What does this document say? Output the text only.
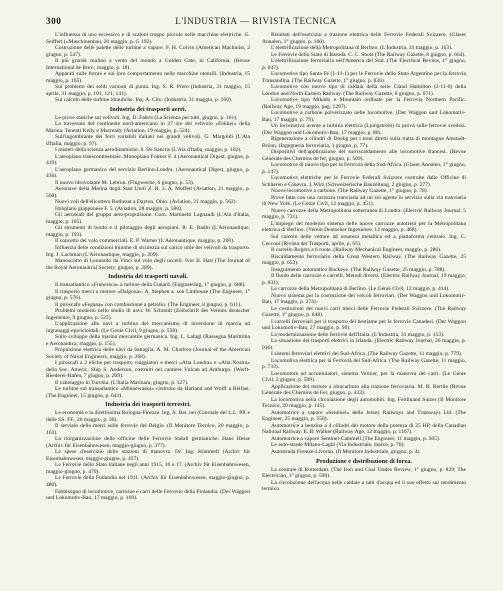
300	L'INDUSTRIA — RIVISTA TECNICA

L'influenza di uno eccessivo e di scaloni troppo piccole nelle macchine elettriche. G. Seiffert («Maschinenbau, 20 maggio, p. G 192).

Costruzione delle palette delle turbine a vapore. F. H. Colvin (American Machinist, 2 giugno, p. 547).

Il più grande mulino a vento del mondo a Golden Gate, in California. (Revue International de Brev., maggio, p. 18).

Apparati sulle forme e sul loro comportamento nelle macchine utensili. (Industria, 15 maggio, p. 165).

Sui problemi dei soldi variouti di punta. Ing. S. R. Preto (Industria, 31 maggio, 15 aprile, 31 maggio, p. 101, 121, 141).

Sul calcolo delle turbine idrauliche. Ing. A. Citu. (Industria, 31 maggio, p. 160).

Industria dei trasporti aerei.

Le prove statiche sui velivoli. Ing. D. Fabris (La Scienza per tutti, giugno, p. 161).

La traversata del continente nord-americano in 27 ore dei velivolo «Fokker» della Marina. Tenenti Kelly e Macready (Aviation, 19 maggio, p. 524).

Sull'ingombrante dei ferri variabili italiani nei grandi velivoli. G. Margoldi (L'Ala d'Italia, maggio, p. 97).

I misteri della scienza aerodinamiche. S. De Sanctis (L'Ala d'Italia, maggio, p. 102).

L'aeroplano transcontinentale. Monoplano Fokker F. 4 (Aeronautical Digest, giugno, p. 419).

L'aeroplano germanico del servizio Berlino-Londra. (Aeronautical Digest, giugno, p. 436).

Il nuovo idrovolante M. Lebrun. (Flugwoche, 6 giugno, p. 53).

Aeronave della Marina degli Stati Uniti Z. R. 3. A. Moffett (Aviation, 21 maggio, p. 568).

Nuovi voli dell'elicottero Bothezat a Dayton, Ohio. (Aviation, 21 maggio, p. 562).

Idroplano giapponese F. 5. (Aviation, 28 maggio, p. 580).

Gli aeroscafi del gruppo aero-propulsione. Com. Martinetti Lagnaudi (L'Ala d'Italia, maggio, p. 105).

Gli strumenti di bordo e il pilotaggio degli aeroplani. R. E. Radin (L'Aéronautique, maggio, p. 193).

Il concetto del volo commerciali. E. P. Warner (L'Aéronautique, maggio, p. 200).

Influenza delle condizioni minime di sicurezza sul carico utile dei velivoli da trasporto. Ing. J. Lachman (L'Aéronautique, maggio, p. 209).

Manoscritto di Leonardo da Vinci sul volo degli uccelli. Ivor B. Hart (The Journal of the Royal Aeronautical Society, giugno, p. 289).

Industria dei trasporti navali.

Il transatlantico «Francesca» a turbine della Cunard. (Engineering, 1° giugno, p. 688).

Il trasporto merci a motore «Dalgona». A. Stephen a. son Linthouse (The Engineer, 1° giugno, p. 576).

Il piroscafo «Fegana» con combustione a petrolio. (The Engineer, 8 giugno, p. 611).

Problemi moderni nello studio di navi. W. Schmidt (Zeitschrift des Vereins deutscher Ingenieure, 9 giugno, p. 525).

L'applicazione alle navi a turbina del meccanismo di inversione di marcia ad ingranaggi epicicloidali. (Le Genie Civil, 9 giugno, p. 558).

Sullo sviluppo della marina mercantile germanica. Ing. L. Lafagi (Rassegna Marittima e Aeronautica, maggio, p. 155).

Propulsione elettrica delle navi da battaglia. A. M. Charlton (Journal of the American Society of Naval Engineers, maggio, p. 268).

I piroscafi a 2 eliche per trasporto viaggiatori e merci «Alta Londra» e «Alta Nostra» della Soc. Americ. Ship S. Anderson, costruiti nel cantiere Vulcan ad Amburgo. (Werft-Reederei-Hafen, 7 giugno, p. 209).

Il cabotaggio in Turchia. (L'Italia Marinara, giugno, p. 127).

Le turbine sul transatlantico «Minnewaska» costruito da Harland and Wolff a Belfast. (The Engineer, 15 giugno, p. 641).

Industria dei trasporti terrestri.

Le economie e la direttissima Bologna-Firenze. Ing. A. Bei. nei (Giornale del L.L. PP. e delle SS. FF., 20 maggio, p. 30).

Il servizio delle merci sulle ferrovie del Belgio. (Il Monitore Tecnico, 20 maggio, p. 163).

La riorganizzazione delle officine delle Ferrovie Statali germaniche. Hans Hesse (Archiv für Eisenbahnwesen, maggio-giugno, p. 377).

Le spese d'esercizio delle stazioni di manovra. Dr. Ing. Kümmell (Archiv für Eisenbahnwesen, maggio-giugno, p. 457).

Le Ferrovie dello Stato italiane negli anni 1915, 16 e 17. (Archiv für Eisenbahnwesen, maggio-giugno, p. 470).

Le Ferrovie della Finlandia nel 1911. (Archiv für Eisenbahnwesen, maggio-giugno, p. 480).

Fabbisogno di locomotive, carrozze e carri delle Ferrovie della Finlandia. (Der Waggon und Lokomotiv-Bau, 17 maggio, p. 169).

Risultati dell'esercizio a trazione elettrica delle Ferrovie Federali Svizzere. (Glaser Annalen, 1° giugno, p. 160).

L'elettrificazione della Metropolitana di Berlino. (L'Industria, 31 maggio, p. 163).

Le Ferrovie dello Stato di Baroda. C. C. Shots (The Railway Gazette, 8 giugno, p. 664).

L'elettrificazione ferroviaria nell'America del Sud. (The Electrical Review, 1° giugno, p. 847).

Locomotive tipo Santa Fé (1-11-1) per le Ferrovie dello Stato Argentino per la ferrovia Transandina. (The Railway Gazette, 1° giugno, p. 836).

Locomotive con nuovo tipo di caldaia della serie Claud Hamilton (2-11-0) della London and North Eastern Railway. (The Railway Gazette, 8 giugno, p. 671).

Locomotive tipo Mikado e Mountain ordinate per la Ferrovia Northern Pacific. (Railway Age, 19 maggio, pag. 1207).

Locomotive a carbone polverizzato nelle locomotive. (Der Waggon und Lokomotiv-Bau, 17 maggio, p. 79).

Un locomotiva avente a turbina elettrica (Ljungström) in prova sulle ferrovie svedesi. (Der Waggon und Lokomotiv-Bau, 17 maggio, p. 80).

Rigenerazione a cilindri di Doebg per i treni diretti sulla tratta di montagna Amstadt-Brünn. (Ingegneria ferroviaria, 1 giugno, p. 77).

Dispositivi dell'applicazione del surriscaldamento alle locomotive francesi. (Revue Générale des Chemins de fer, giugno, p. 509).

Locomotive di nuovo tipo per la Ferrovia della Sud-Africa. (Glaser Annalen, 1° giugno, p. 147).

Locomotive elettriche per le Ferrovie Federali Svizzere costruite dalle Officine di Schlieren e Ginevra. J. Wirz (Schweizerische Bauzeitung, 2 giugno, p. 277).

Nuove locomotive a carbone. (The Railway Gazette, 1° giugno, p. 78).

Prove fatte con una carrozza tranviaria ad un sol agente in servizio sulla via tranviaria di New York. (Le Génie Civil, 12 maggio, p. 451).

Nuove carrozze della Metropolitana sotterranea di Londra. (Electric Railway Journal, 5 maggio, p. 731).

L'impiego del moderno sistema delle nuove carrozze autotreni per la Metropolitana elettrica di Berlino. (Verein Deutscher Ingenieure, 12 maggio, p. 468).

Sul calcolo delle vetture ad ossatura metallica ed a piattaforma centrale. Ing. C. Cecconi (Rivista dei Trasporti, aprile, p. 65).

Il carrello Rogers a 6 ruote. (Railway Mechanical Engineer, maggio, p. 286).

Riscaldamento ferroviario della Great Western Railway. (The Railway Gazette, 25 maggio, p. 653).

Inseguimento automatico Buckeye. (The Railway Gazette, 25 maggio, p. 788).

Il fluido delle carrozze e carrelli. Metodi diversi. (Electric Railway Journal, 19 maggio, p. 831).

Le carrozze della Metropolitana di Berlino. (Le Génie Civil, 12 maggio, p. 414).

Nuovo sistema per la costruzione dei veicoli ferroviari. (Der Waggon und Lokomotiv-Bau, 17 maggio, p. 274).

Le costruzioni dei nuovi carri merci delle Ferrovie Federali Svizzere. (The Railway Gazette, 1° giugno, p. 848).

I carrelli ferroviari per il trasporto del bestiame per le ferrovie Canadesi. (Der Waggon und Lokomotiv-Bau, 27 maggio, p. 90).

La modernizzazione delle ferrovie dell'Italia. (L'Industria, 31 maggio, p. 153).

La situazione dei trasporti elettrici in Irlanda. (Electric Railway Journal, 26 maggio, p. 916).

I sistemi ferroviari elettrici dei Sud-Africa. (The Railway Gazette, 11 maggio, p. 779).

Locomotiva elettrica per la Ferrovia del Sud-Africa. (The Railway Gazette, 11 maggio, p. 733).

Locomotore ad accumulatori, sistema Vernier, per la manovra dei carri. (Le Génie Civil, 2 giugno, p. 509).

Applicazione del motore a idrocarburo alla trazione ferroviaria. M. R. Bertile (Revue Générale des Chemins de Fer, giugno, p. 433).

La locomotiva nella circolazione degli automobili. Ing. Ferdinand Sulzer (Il Monitore Tecnico, 20 maggio, p. 145).

Automotrice a vapore «Sentinel» della Jersey Railways and Tramways Ltd. (The Engineer, 25 maggio, p. 558).

Automotrice a benzina a 4 cilindri del motore della potenza di 25 HP, della Canadian National Railway. E. B. Walker (Railway Age, 12 maggio, p. 1167).

Automotrice a vapore Sentinel-Cammell (The Engineer, 11 maggio, p. 505).

Le auto-strade Milano-Laghi (Via Industriale, marzo, p. 78).

Autostrada Firenze-Livorno. (Il Monitore Industriale, giugno, p. 4).

Produzione e distribuzione di forza.

La centrale di Rotterdam. (The Iron and Coal Trades Review, 1° giugno, p. 829; The Electrician, 1° giugno, p. 590).

La circolazione dell'acqua nelle caldaie a tubi d'acqua ed il suo effetto sul rendimento termico.
